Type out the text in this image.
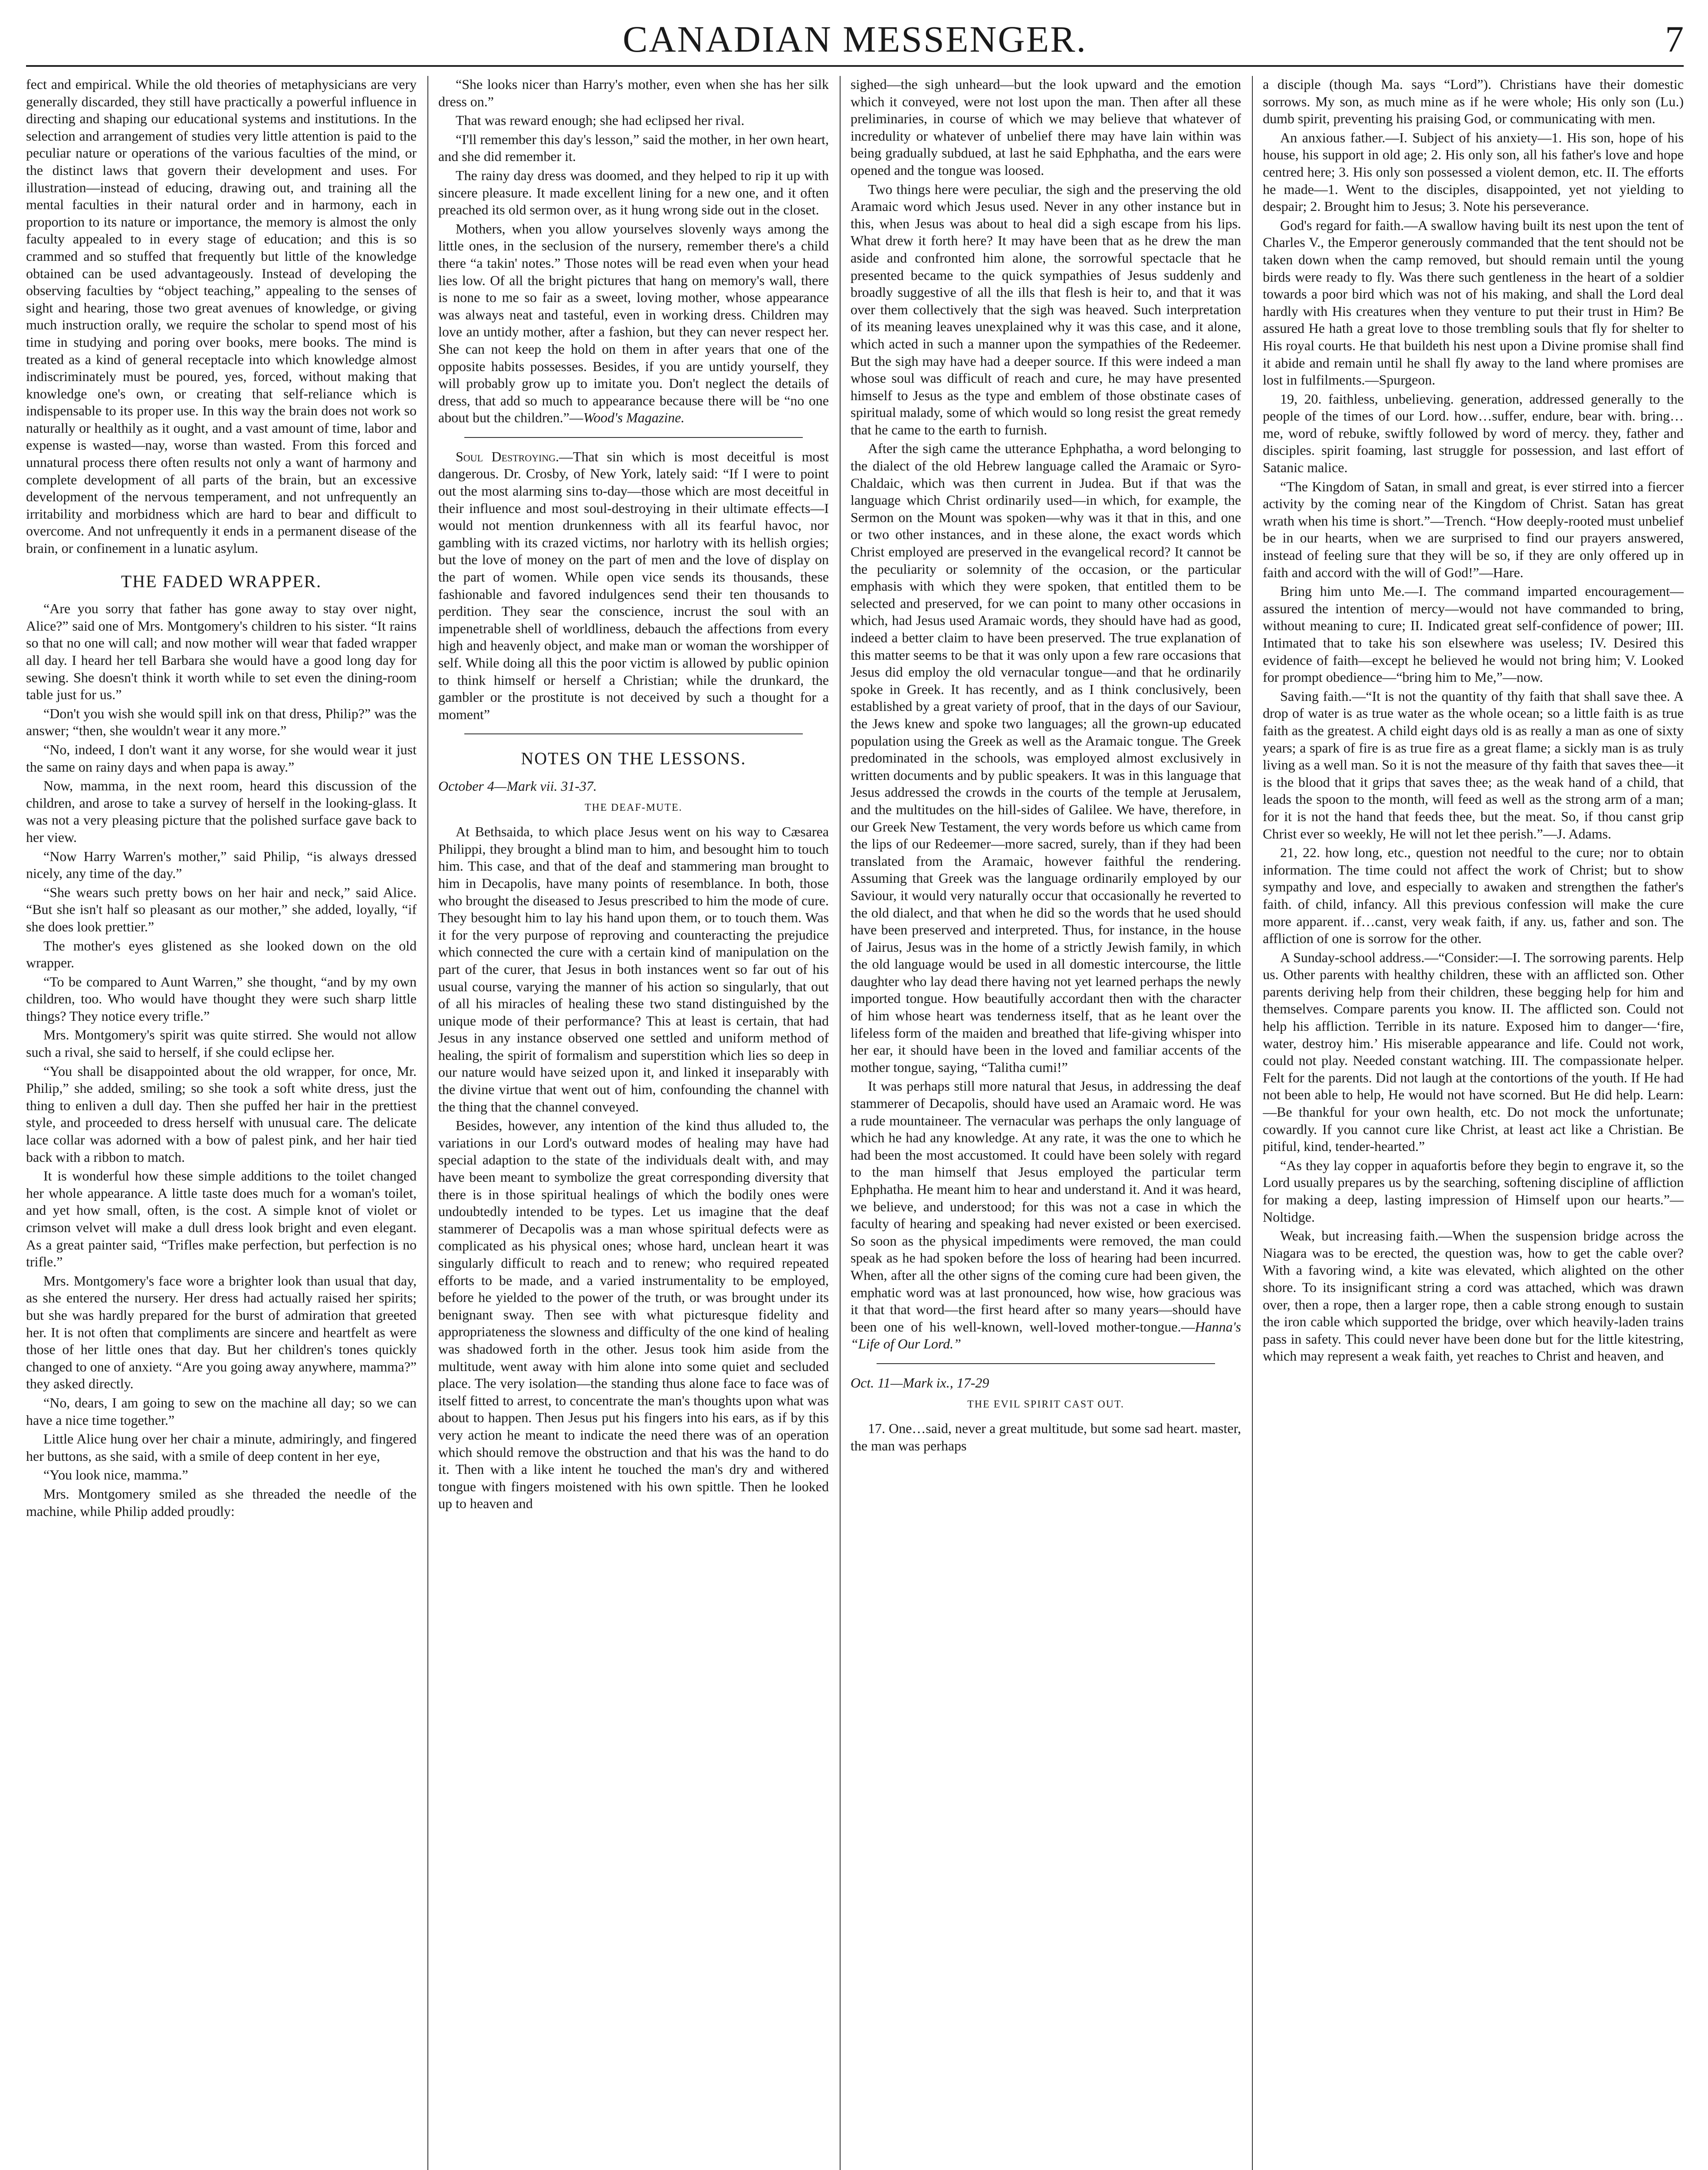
CANADIAN MESSENGER.	7

fect and empirical. While the old theories of metaphysicians are very generally discarded, they still have practically a powerful influence in directing and shaping our educational systems and institutions. In the selection and arrangement of studies very little attention is paid to the peculiar nature or operations of the various faculties of the mind, or the distinct laws that govern their development and uses. For illustration—instead of educing, drawing out, and training all the mental faculties in their natural order and in harmony, each in proportion to its nature or importance, the memory is almost the only faculty appealed to in every stage of education; and this is so crammed and so stuffed that frequently but little of the knowledge obtained can be used advantageously. Instead of developing the observing faculties by “object teaching,” appealing to the senses of sight and hearing, those two great avenues of knowledge, or giving much instruction orally, we require the scholar to spend most of his time in studying and poring over books, mere books. The mind is treated as a kind of general receptacle into which knowledge almost indiscriminately must be poured, yes, forced, without making that knowledge one's own, or creating that self-reliance which is indispensable to its proper use. In this way the brain does not work so naturally or healthily as it ought, and a vast amount of time, labor and expense is wasted—nay, worse than wasted. From this forced and unnatural process there often results not only a want of harmony and complete development of all parts of the brain, but an excessive development of the nervous temperament, and not unfrequently an irritability and morbidness which are hard to bear and difficult to overcome. And not unfrequently it ends in a permanent disease of the brain, or confinement in a lunatic asylum.

THE FADED WRAPPER.

“Are you sorry that father has gone away to stay over night, Alice?” said one of Mrs. Montgomery's children to his sister. “It rains so that no one will call; and now mother will wear that faded wrapper all day. I heard her tell Barbara she would have a good long day for sewing. She doesn't think it worth while to set even the dining-room table just for us.”

“Don't you wish she would spill ink on that dress, Philip?” was the answer; “then, she wouldn't wear it any more.”

“No, indeed, I don't want it any worse, for she would wear it just the same on rainy days and when papa is away.”

Now, mamma, in the next room, heard this discussion of the children, and arose to take a survey of herself in the looking-glass. It was not a very pleasing picture that the polished surface gave back to her view.

“Now Harry Warren's mother,” said Philip, “is always dressed nicely, any time of the day.”

“She wears such pretty bows on her hair and neck,” said Alice. “But she isn't half so pleasant as our mother,” she added, loyally, “if she does look prettier.”

The mother's eyes glistened as she looked down on the old wrapper.

“To be compared to Aunt Warren,” she thought, “and by my own children, too. Who would have thought they were such sharp little things? They notice every trifle.”

Mrs. Montgomery's spirit was quite stirred. She would not allow such a rival, she said to herself, if she could eclipse her.

“You shall be disappointed about the old wrapper, for once, Mr. Philip,” she added, smiling; so she took a soft white dress, just the thing to enliven a dull day. Then she puffed her hair in the prettiest style, and proceeded to dress herself with unusual care. The delicate lace collar was adorned with a bow of palest pink, and her hair tied back with a ribbon to match.

It is wonderful how these simple additions to the toilet changed her whole appearance. A little taste does much for a woman's toilet, and yet how small, often, is the cost. A simple knot of violet or crimson velvet will make a dull dress look bright and even elegant. As a great painter said, “Trifles make perfection, but perfection is no trifle.”

Mrs. Montgomery's face wore a brighter look than usual that day, as she entered the nursery. Her dress had actually raised her spirits; but she was hardly prepared for the burst of admiration that greeted her. It is not often that compliments are sincere and heartfelt as were those of her little ones that day. But her children's tones quickly changed to one of anxiety. “Are you going away anywhere, mamma?” they asked directly.

“No, dears, I am going to sew on the machine all day; so we can have a nice time together.”

Little Alice hung over her chair a minute, admiringly, and fingered her buttons, as she said, with a smile of deep content in her eye,

“You look nice, mamma.”

Mrs. Montgomery smiled as she threaded the needle of the machine, while Philip added proudly:

“She looks nicer than Harry's mother, even when she has her silk dress on.”

That was reward enough; she had eclipsed her rival.

“I'll remember this day's lesson,” said the mother, in her own heart, and she did remember it.

The rainy day dress was doomed, and they helped to rip it up with sincere pleasure. It made excellent lining for a new one, and it often preached its old sermon over, as it hung wrong side out in the closet.

Mothers, when you allow yourselves slovenly ways among the little ones, in the seclusion of the nursery, remember there's a child there “a takin' notes.” Those notes will be read even when your head lies low. Of all the bright pictures that hang on memory's wall, there is none to me so fair as a sweet, loving mother, whose appearance was always neat and tasteful, even in working dress. Children may love an untidy mother, after a fashion, but they can never respect her. She can not keep the hold on them in after years that one of the opposite habits possesses. Besides, if you are untidy yourself, they will probably grow up to imitate you. Don't neglect the details of dress, that add so much to appearance because there will be “no one about but the children.”—Wood's Magazine.

Soul Destroying.—That sin which is most deceitful is most dangerous. Dr. Crosby, of New York, lately said: “If I were to point out the most alarming sins to-day—those which are most deceitful in their influence and most soul-destroying in their ultimate effects—I would not mention drunkenness with all its fearful havoc, nor gambling with its crazed victims, nor harlotry with its hellish orgies; but the love of money on the part of men and the love of display on the part of women. While open vice sends its thousands, these fashionable and favored indulgences send their ten thousands to perdition. They sear the conscience, incrust the soul with an impenetrable shell of worldliness, debauch the affections from every high and heavenly object, and make man or woman the worshipper of self. While doing all this the poor victim is allowed by public opinion to think himself or herself a Christian; while the drunkard, the gambler or the prostitute is not deceived by such a thought for a moment”

NOTES ON THE LESSONS.

October 4—Mark vii. 31-37.

THE DEAF-MUTE.

At Bethsaida, to which place Jesus went on his way to Cæsarea Philippi, they brought a blind man to him, and besought him to touch him. This case, and that of the deaf and stammering man brought to him in Decapolis, have many points of resemblance. In both, those who brought the diseased to Jesus prescribed to him the mode of cure. They besought him to lay his hand upon them, or to touch them. Was it for the very purpose of reproving and counteracting the prejudice which connected the cure with a certain kind of manipulation on the part of the curer, that Jesus in both instances went so far out of his usual course, varying the manner of his action so singularly, that out of all his miracles of healing these two stand distinguished by the unique mode of their performance? This at least is certain, that had Jesus in any instance observed one settled and uniform method of healing, the spirit of formalism and superstition which lies so deep in our nature would have seized upon it, and linked it inseparably with the divine virtue that went out of him, confounding the channel with the thing that the channel conveyed.

Besides, however, any intention of the kind thus alluded to, the variations in our Lord's outward modes of healing may have had special adaption to the state of the individuals dealt with, and may have been meant to symbolize the great corresponding diversity that there is in those spiritual healings of which the bodily ones were undoubtedly intended to be types. Let us imagine that the deaf stammerer of Decapolis was a man whose spiritual defects were as complicated as his physical ones; whose hard, unclean heart it was singularly difficult to reach and to renew; who required repeated efforts to be made, and a varied instrumentality to be employed, before he yielded to the power of the truth, or was brought under its benignant sway. Then see with what picturesque fidelity and appropriateness the slowness and difficulty of the one kind of healing was shadowed forth in the other. Jesus took him aside from the multitude, went away with him alone into some quiet and secluded place. The very isolation—the standing thus alone face to face was of itself fitted to arrest, to concentrate the man's thoughts upon what was about to happen. Then Jesus put his fingers into his ears, as if by this very action he meant to indicate the need there was of an operation which should remove the obstruction and that his was the hand to do it. Then with a like intent he touched the man's dry and withered tongue with fingers moistened with his own spittle. Then he looked up to heaven and

sighed—the sigh unheard—but the look upward and the emotion which it conveyed, were not lost upon the man. Then after all these preliminaries, in course of which we may believe that whatever of incredulity or whatever of unbelief there may have lain within was being gradually subdued, at last he said Ephphatha, and the ears were opened and the tongue was loosed.

Two things here were peculiar, the sigh and the preserving the old Aramaic word which Jesus used. Never in any other instance but in this, when Jesus was about to heal did a sigh escape from his lips. What drew it forth here? It may have been that as he drew the man aside and confronted him alone, the sorrowful spectacle that he presented became to the quick sympathies of Jesus suddenly and broadly suggestive of all the ills that flesh is heir to, and that it was over them collectively that the sigh was heaved. Such interpretation of its meaning leaves unexplained why it was this case, and it alone, which acted in such a manner upon the sympathies of the Redeemer. But the sigh may have had a deeper source. If this were indeed a man whose soul was difficult of reach and cure, he may have presented himself to Jesus as the type and emblem of those obstinate cases of spiritual malady, some of which would so long resist the great remedy that he came to the earth to furnish.

After the sigh came the utterance Ephphatha, a word belonging to the dialect of the old Hebrew language called the Aramaic or Syro-Chaldaic, which was then current in Judea. But if that was the language which Christ ordinarily used—in which, for example, the Sermon on the Mount was spoken—why was it that in this, and one or two other instances, and in these alone, the exact words which Christ employed are preserved in the evangelical record? It cannot be the peculiarity or solemnity of the occasion, or the particular emphasis with which they were spoken, that entitled them to be selected and preserved, for we can point to many other occasions in which, had Jesus used Aramaic words, they should have had as good, indeed a better claim to have been preserved. The true explanation of this matter seems to be that it was only upon a few rare occasions that Jesus did employ the old vernacular tongue—and that he ordinarily spoke in Greek. It has recently, and as I think conclusively, been established by a great variety of proof, that in the days of our Saviour, the Jews knew and spoke two languages; all the grown-up educated population using the Greek as well as the Aramaic tongue. The Greek predominated in the schools, was employed almost exclusively in written documents and by public speakers. It was in this language that Jesus addressed the crowds in the courts of the temple at Jerusalem, and the multitudes on the hill-sides of Galilee. We have, therefore, in our Greek New Testament, the very words before us which came from the lips of our Redeemer—more sacred, surely, than if they had been translated from the Aramaic, however faithful the rendering. Assuming that Greek was the language ordinarily employed by our Saviour, it would very naturally occur that occasionally he reverted to the old dialect, and that when he did so the words that he used should have been preserved and interpreted. Thus, for instance, in the house of Jairus, Jesus was in the home of a strictly Jewish family, in which the old language would be used in all domestic intercourse, the little daughter who lay dead there having not yet learned perhaps the newly imported tongue. How beautifully accordant then with the character of him whose heart was tenderness itself, that as he leant over the lifeless form of the maiden and breathed that life-giving whisper into her ear, it should have been in the loved and familiar accents of the mother tongue, saying, “Talitha cumi!”

It was perhaps still more natural that Jesus, in addressing the deaf stammerer of Decapolis, should have used an Aramaic word. He was a rude mountaineer. The vernacular was perhaps the only language of which he had any knowledge. At any rate, it was the one to which he had been the most accustomed. It could have been solely with regard to the man himself that Jesus employed the particular term Ephphatha. He meant him to hear and understand it. And it was heard, we believe, and understood; for this was not a case in which the faculty of hearing and speaking had never existed or been exercised. So soon as the physical impediments were removed, the man could speak as he had spoken before the loss of hearing had been incurred. When, after all the other signs of the coming cure had been given, the emphatic word was at last pronounced, how wise, how gracious was it that that word—the first heard after so many years—should have been one of his well-known, well-loved mother-tongue.—Hanna's “Life of Our Lord.”

Oct. 11—Mark ix., 17-29

THE EVIL SPIRIT CAST OUT.

17. One…said, never a great multitude, but some sad heart. master, the man was perhaps

a disciple (though Ma. says “Lord”). Christians have their domestic sorrows. My son, as much mine as if he were whole; His only son (Lu.) dumb spirit, preventing his praising God, or communicating with men.

An anxious father.—I. Subject of his anxiety—1. His son, hope of his house, his support in old age; 2. His only son, all his father's love and hope centred here; 3. His only son possessed a violent demon, etc. II. The efforts he made—1. Went to the disciples, disappointed, yet not yielding to despair; 2. Brought him to Jesus; 3. Note his perseverance.

God's regard for faith.—A swallow having built its nest upon the tent of Charles V., the Emperor generously commanded that the tent should not be taken down when the camp removed, but should remain until the young birds were ready to fly. Was there such gentleness in the heart of a soldier towards a poor bird which was not of his making, and shall the Lord deal hardly with His creatures when they venture to put their trust in Him? Be assured He hath a great love to those trembling souls that fly for shelter to His royal courts. He that buildeth his nest upon a Divine promise shall find it abide and remain until he shall fly away to the land where promises are lost in fulfilments.—Spurgeon.

19, 20. faithless, unbelieving. generation, addressed generally to the people of the times of our Lord. how…suffer, endure, bear with. bring…me, word of rebuke, swiftly followed by word of mercy. they, father and disciples. spirit foaming, last struggle for possession, and last effort of Satanic malice.

“The Kingdom of Satan, in small and great, is ever stirred into a fiercer activity by the coming near of the Kingdom of Christ. Satan has great wrath when his time is short.”—Trench. “How deeply-rooted must unbelief be in our hearts, when we are surprised to find our prayers answered, instead of feeling sure that they will be so, if they are only offered up in faith and accord with the will of God!”—Hare.

Bring him unto Me.—I. The command imparted encouragement—assured the intention of mercy—would not have commanded to bring, without meaning to cure; II. Indicated great self-confidence of power; III. Intimated that to take his son elsewhere was useless; IV. Desired this evidence of faith—except he believed he would not bring him; V. Looked for prompt obedience—“bring him to Me,”—now.

Saving faith.—“It is not the quantity of thy faith that shall save thee. A drop of water is as true water as the whole ocean; so a little faith is as true faith as the greatest. A child eight days old is as really a man as one of sixty years; a spark of fire is as true fire as a great flame; a sickly man is as truly living as a well man. So it is not the measure of thy faith that saves thee—it is the blood that it grips that saves thee; as the weak hand of a child, that leads the spoon to the month, will feed as well as the strong arm of a man; for it is not the hand that feeds thee, but the meat. So, if thou canst grip Christ ever so weekly, He will not let thee perish.”—J. Adams.

21, 22. how long, etc., question not needful to the cure; nor to obtain information. The time could not affect the work of Christ; but to show sympathy and love, and especially to awaken and strengthen the father's faith. of child, infancy. All this previous confession will make the cure more apparent. if…canst, very weak faith, if any. us, father and son. The affliction of one is sorrow for the other.

A Sunday-school address.—“Consider:—I. The sorrowing parents. Help us. Other parents with healthy children, these with an afflicted son. Other parents deriving help from their children, these begging help for him and themselves. Compare parents you know. II. The afflicted son. Could not help his affliction. Terrible in its nature. Exposed him to danger—‘fire, water, destroy him.’ His miserable appearance and life. Could not work, could not play. Needed constant watching. III. The compassionate helper. Felt for the parents. Did not laugh at the contortions of the youth. If He had not been able to help, He would not have scorned. But He did help. Learn:—Be thankful for your own health, etc. Do not mock the unfortunate; cowardly. If you cannot cure like Christ, at least act like a Christian. Be pitiful, kind, tender-hearted.”

“As they lay copper in aquafortis before they begin to engrave it, so the Lord usually prepares us by the searching, softening discipline of affliction for making a deep, lasting impression of Himself upon our hearts.”—Noltidge.

Weak, but increasing faith.—When the suspension bridge across the Niagara was to be erected, the question was, how to get the cable over? With a favoring wind, a kite was elevated, which alighted on the other shore. To its insignificant string a cord was attached, which was drawn over, then a rope, then a larger rope, then a cable strong enough to sustain the iron cable which supported the bridge, over which heavily-laden trains pass in safety. This could never have been done but for the little kitestring, which may represent a weak faith, yet reaches to Christ and heaven, and
